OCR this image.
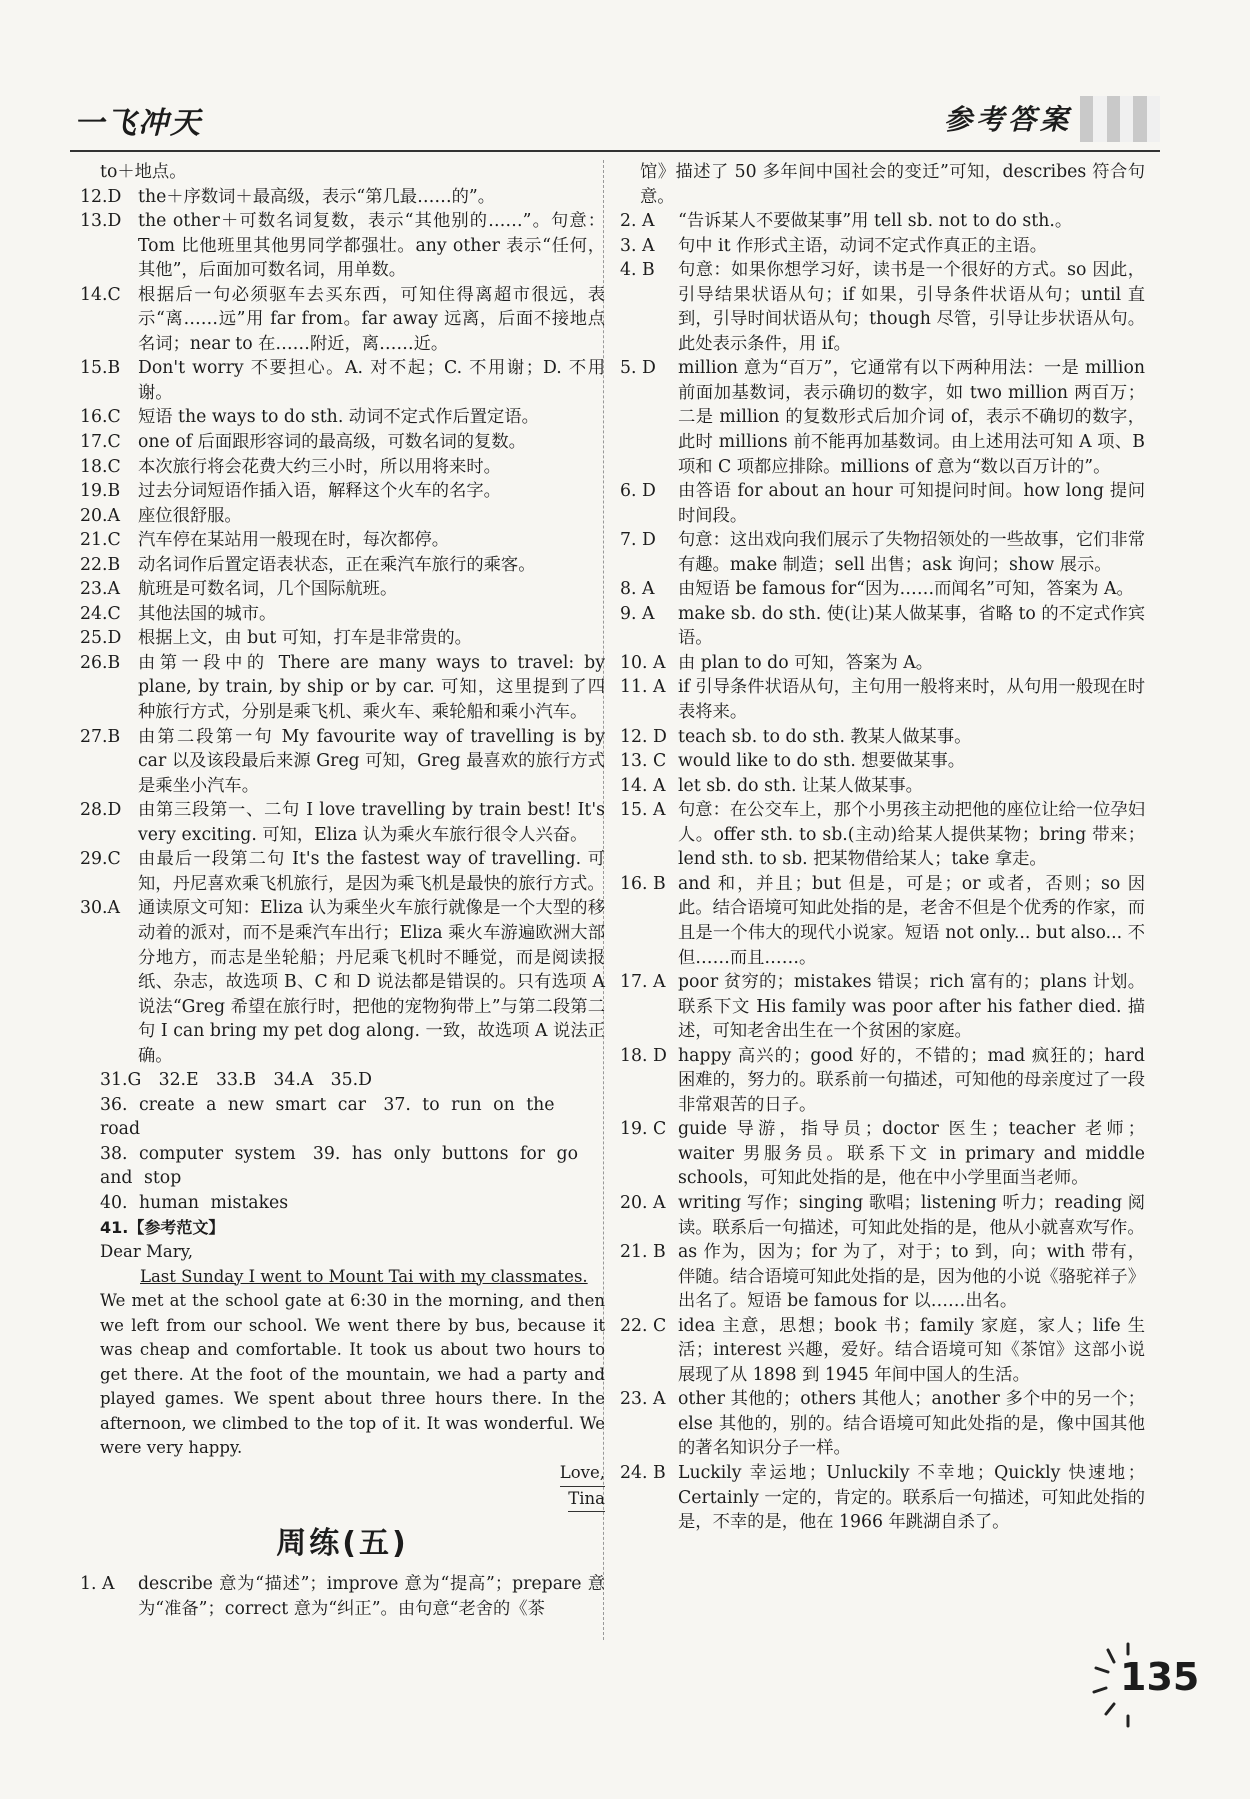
一飞冲天	参考答案
to＋地点。
12.D the＋序数词＋最高级，表示“第几最……的”。
13.D the other＋可数名词复数，表示“其他别的……”。句意：Tom 比他班里其他男同学都强壮。any other 表示“任何，其他”，后面加可数名词，用单数。
14.C 根据后一句必须驱车去买东西，可知住得离超市很远，表示“离……远”用 far from。far away 远离，后面不接地点名词；near to 在……附近，离……近。
15.B	Don't worry 不要担心。A. 对不起；C. 不用谢；D. 不用谢。
16.C 短语 the ways to do sth. 动词不定式作后置定语。
17.C one of 后面跟形容词的最高级，可数名词的复数。
18.C 本次旅行将会花费大约三小时，所以用将来时。
19.B	过去分词短语作插入语，解释这个火车的名字。
20.A	座位很舒服。
21.C 汽车停在某站用一般现在时，每次都停。
22.B	动名词作后置定语表状态，正在乘汽车旅行的乘客。
23.A	航班是可数名词，几个国际航班。
24.C 其他法国的城市。
25.D 根据上文，由 but 可知，打车是非常贵的。
26.B	由第一段中的 There are many ways to travel: by plane, by train, by ship or by car. 可知，这里提到了四种旅行方式，分别是乘飞机、乘火车、乘轮船和乘小汽车。
27.B	由第二段第一句 My favourite way of travelling is by car 以及该段最后来源 Greg 可知，Greg 最喜欢的旅行方式是乘坐小汽车。
28.D 由第三段第一、二句 I love travelling by train best! It's very exciting. 可知，Eliza 认为乘火车旅行很令人兴奋。
29.C 由最后一段第二句 It's the fastest way of travelling. 可知，丹尼喜欢乘飞机旅行，是因为乘飞机是最快的旅行方式。
30.A	通读原文可知：Eliza 认为乘坐火车旅行就像是一个大型的移动着的派对，而不是乘汽车出行；Eliza 乘火车游遍欧洲大部分地方，而志是坐轮船；丹尼乘飞机时不睡觉，而是阅读报纸、杂志，故选项 B、C 和 D 说法都是错误的。只有选项 A 说法“Greg 希望在旅行时，把他的宠物狗带上”与第二段第二句 I can bring my pet dog along. 一致，故选项 A 说法正确。
31.G　32.E　33.B　34.A　35.D
36. create a new smart car　37. to run on the road
38. computer system　39. has only buttons for go and stop
40. human mistakes
41.【参考范文】
Dear Mary,
Last Sunday I went to Mount Tai with my classmates.
We met at the school gate at 6:30 in the morning, and then we left from our school. We went there by bus, because it was cheap and comfortable. It took us about two hours to get there. At the foot of the mountain, we had a party and played games. We spent about three hours there. In the afternoon, we climbed to the top of it. It was wonderful. We were very happy.
Love,
Tina
周练(五)
1. A	describe 意为“描述”；improve 意为“提高”；prepare 意为“准备”；correct 意为“纠正”。由句意“老舍的《茶
馆》描述了 50 多年间中国社会的变迁”可知，describes 符合句意。
2. A	“告诉某人不要做某事”用 tell sb. not to do sth.。
3. A	句中 it 作形式主语，动词不定式作真正的主语。
4. B	句意：如果你想学习好，读书是一个很好的方式。so 因此，引导结果状语从句；if 如果，引导条件状语从句；until 直到，引导时间状语从句；though 尽管，引导让步状语从句。此处表示条件，用 if。
5. D	million 意为“百万”，它通常有以下两种用法：一是 million 前面加基数词，表示确切的数字，如 two million 两百万；二是 million 的复数形式后加介词 of，表示不确切的数字，此时 millions 前不能再加基数词。由上述用法可知 A 项、B 项和 C 项都应排除。millions of 意为“数以百万计的”。
6. D	由答语 for about an hour 可知提问时间。how long 提问时间段。
7. D	句意：这出戏向我们展示了失物招领处的一些故事，它们非常有趣。make 制造；sell 出售；ask 询问；show 展示。
8. A	由短语 be famous for“因为……而闻名”可知，答案为 A。
9. A	make sb. do sth. 使(让)某人做某事，省略 to 的不定式作宾语。
10. A 由 plan to do 可知，答案为 A。
11. A if 引导条件状语从句，主句用一般将来时，从句用一般现在时表将来。
12. D teach sb. to do sth. 教某人做某事。
13. C would like to do sth. 想要做某事。
14. A let sb. do sth. 让某人做某事。
15. A 句意：在公交车上，那个小男孩主动把他的座位让给一位孕妇人。offer sth. to sb.(主动)给某人提供某物；bring 带来；lend sth. to sb. 把某物借给某人；take 拿走。
16. B and 和，并且；but 但是，可是；or 或者，否则；so 因此。结合语境可知此处指的是，老舍不但是个优秀的作家，而且是一个伟大的现代小说家。短语 not only... but also... 不但……而且……。
17. A poor 贫穷的；mistakes 错误；rich 富有的；plans 计划。联系下文 His family was poor after his father died. 描述，可知老舍出生在一个贫困的家庭。
18. D happy 高兴的；good 好的，不错的；mad 疯狂的；hard 困难的，努力的。联系前一句描述，可知他的母亲度过了一段非常艰苦的日子。
19. C guide 导游，指导员；doctor 医生；teacher 老师；waiter 男服务员。联系下文 in primary and middle schools，可知此处指的是，他在中小学里面当老师。
20. A writing 写作；singing 歌唱；listening 听力；reading 阅读。联系后一句描述，可知此处指的是，他从小就喜欢写作。
21. B as 作为，因为；for 为了，对于；to 到，向；with 带有，伴随。结合语境可知此处指的是，因为他的小说《骆驼祥子》出名了。短语 be famous for 以……出名。
22. C idea 主意，思想；book 书；family 家庭，家人；life 生活；interest 兴趣，爱好。结合语境可知《茶馆》这部小说展现了从 1898 到 1945 年间中国人的生活。
23. A other 其他的；others 其他人；another 多个中的另一个；else 其他的，别的。结合语境可知此处指的是，像中国其他的著名知识分子一样。
24. B Luckily 幸运地；Unluckily 不幸地；Quickly 快速地；Certainly 一定的，肯定的。联系后一句描述，可知此处指的是，不幸的是，他在 1966 年跳湖自杀了。
135
